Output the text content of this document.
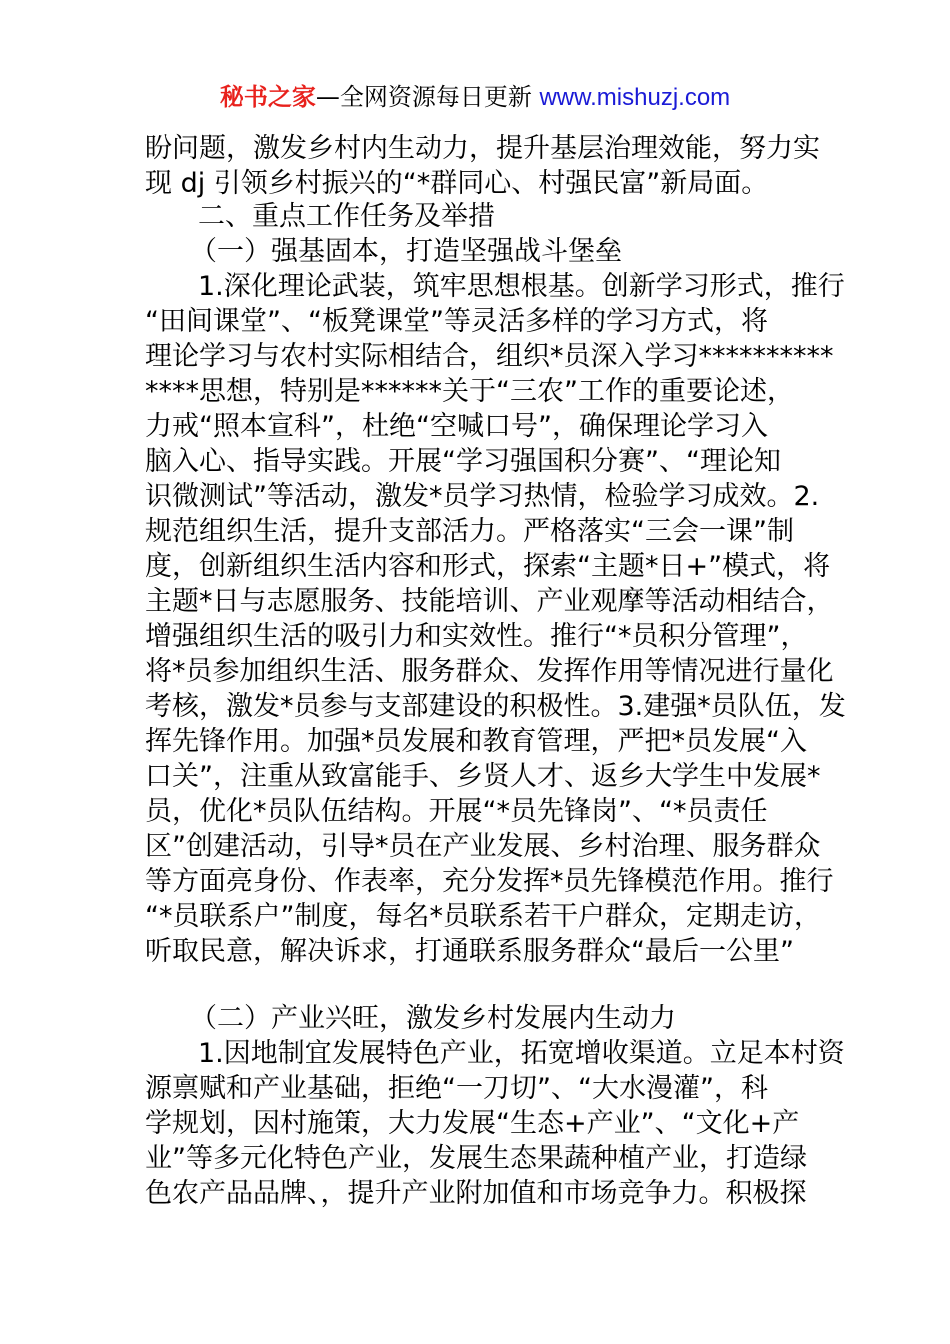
秘书之家—全网资源每日更新 www.mishuzj.com
盼问题，激发乡村内生动力，提升基层治理效能，努力实
现 dj 引领乡村振兴的“*群同心、村强民富”新局面。
二、重点工作任务及举措
（一）强基固本，打造坚强战斗堡垒
1.深化理论武装，筑牢思想根基。创新学习形式，推行
“田间课堂”、“板凳课堂”等灵活多样的学习方式，将
理论学习与农村实际相结合，组织*员深入学习**********
****思想，特别是******关于“三农”工作的重要论述，
力戒“照本宣科”，杜绝“空喊口号”，确保理论学习入
脑入心、指导实践。开展“学习强国积分赛”、“理论知
识微测试”等活动，激发*员学习热情，检验学习成效。2.
规范组织生活，提升支部活力。严格落实“三会一课”制
度，创新组织生活内容和形式，探索“主题*日+”模式，将
主题*日与志愿服务、技能培训、产业观摩等活动相结合，
增强组织生活的吸引力和实效性。推行“*员积分管理”，
将*员参加组织生活、服务群众、发挥作用等情况进行量化
考核，激发*员参与支部建设的积极性。3.建强*员队伍，发
挥先锋作用。加强*员发展和教育管理，严把*员发展“入
口关”，注重从致富能手、乡贤人才、返乡大学生中发展*
员，优化*员队伍结构。开展“*员先锋岗”、“*员责任
区”创建活动，引导*员在产业发展、乡村治理、服务群众
等方面亮身份、作表率，充分发挥*员先锋模范作用。推行
“*员联系户”制度，每名*员联系若干户群众，定期走访，
听取民意，解决诉求，打通联系服务群众“最后一公里”
（二）产业兴旺，激发乡村发展内生动力
1.因地制宜发展特色产业，拓宽增收渠道。立足本村资
源禀赋和产业基础，拒绝“一刀切”、“大水漫灌”，科
学规划，因村施策，大力发展“生态+产业”、“文化+产
业”等多元化特色产业，发展生态果蔬种植产业，打造绿
色农产品品牌、，提升产业附加值和市场竞争力。积极探
